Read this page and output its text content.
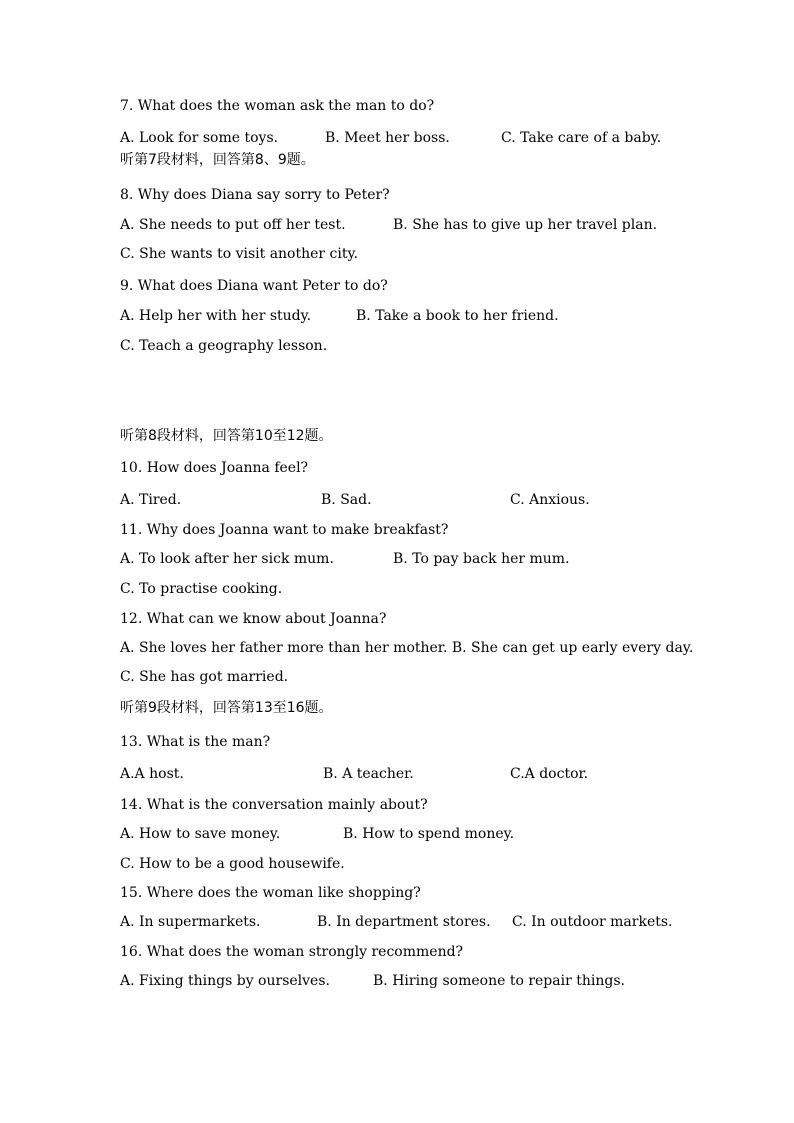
7. What does the woman ask the man to do?
A. Look for some toys.	B. Meet her boss.	C. Take care of a baby.
听第7段材料，回答第8、9题。
8. Why does Diana say sorry to Peter?
A. She needs to put off her test.	B. She has to give up her travel plan.
C. She wants to visit another city.
9. What does Diana want Peter to do?
A. Help her with her study.	B. Take a book to her friend.
C. Teach a geography lesson.
听第8段材料，回答第10至12题。
10. How does Joanna feel?
A. Tired.	B. Sad.	C. Anxious.
11. Why does Joanna want to make breakfast?
A. To look after her sick mum.	B. To pay back her mum.
C. To practise cooking.
12. What can we know about Joanna?
A. She loves her father more than her mother. B. She can get up early every day.
C. She has got married.
听第9段材料，回答第13至16题。
13. What is the man?
A.A host.	B. A teacher.	C.A doctor.
14. What is the conversation mainly about?
A. How to save money.	B. How to spend money.
C. How to be a good housewife.
15. Where does the woman like shopping?
A. In supermarkets.	B. In department stores. C. In outdoor markets.
16. What does the woman strongly recommend?
A. Fixing things by ourselves.	B. Hiring someone to repair things.
